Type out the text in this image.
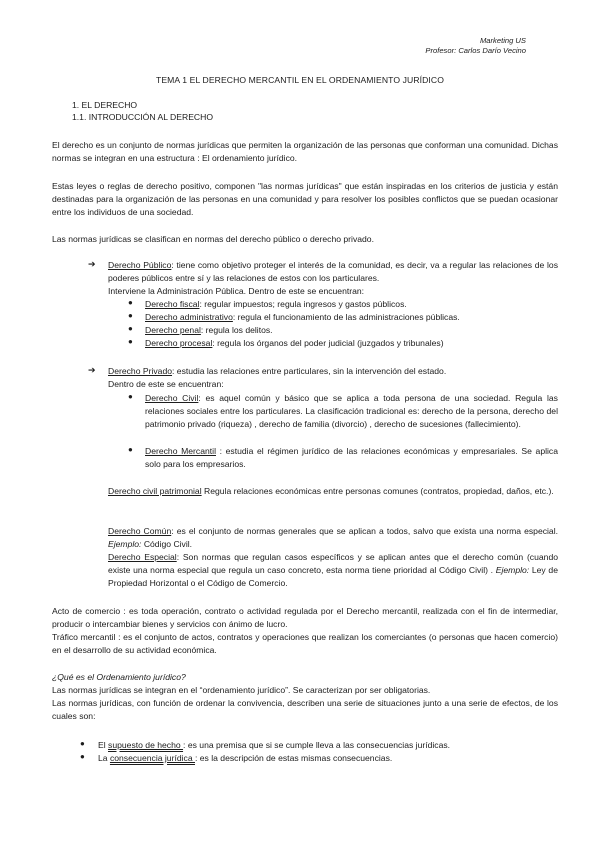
Marketing US
Profesor: Carlos Darío Vecino
TEMA 1 EL DERECHO MERCANTIL EN EL ORDENAMIENTO JURÍDICO
1. EL DERECHO
1.1. INTRODUCCIÓN AL DERECHO
El derecho es un conjunto de normas jurídicas que permiten la organización de las personas que conforman una comunidad. Dichas normas se integran en una estructura : El ordenamiento jurídico.
Estas leyes o reglas de derecho positivo, componen "las normas jurídicas" que están inspiradas en los criterios de justicia y están destinadas para la organización de las personas en una comunidad y para resolver los posibles conflictos que se puedan ocasionar entre los individuos de una sociedad.
Las normas jurídicas se clasifican en normas del derecho público o derecho privado.
➔ Derecho Público: tiene como objetivo proteger el interés de la comunidad, es decir, va a regular las relaciones de los poderes públicos entre sí y las relaciones de estos con los particulares.
Interviene la Administración Pública. Dentro de este se encuentran:
● Derecho fiscal: regular impuestos; regula ingresos y gastos públicos.
● Derecho administrativo: regula el funcionamiento de las administraciones públicas.
● Derecho penal: regula los delitos.
● Derecho procesal: regula los órganos del poder judicial (juzgados y tribunales)
➔ Derecho Privado: estudia las relaciones entre particulares, sin la intervención del estado.
Dentro de este se encuentran:
● Derecho Civil: es aquel común y básico que se aplica a toda persona de una sociedad. Regula las relaciones sociales entre los particulares. La clasificación tradicional es: derecho de la persona, derecho del patrimonio privado (riqueza) , derecho de familia (divorcio) , derecho de sucesiones (fallecimiento).
● Derecho Mercantil : estudia el régimen jurídico de las relaciones económicas y empresariales. Se aplica solo para los empresarios.
Derecho civil patrimonial Regula relaciones económicas entre personas comunes (contratos, propiedad, daños, etc.).
Derecho Común: es el conjunto de normas generales que se aplican a todos, salvo que exista una norma especial. Ejemplo: Código Civil.
Derecho Especial: Son normas que regulan casos específicos y se aplican antes que el derecho común (cuando existe una norma especial que regula un caso concreto, esta norma tiene prioridad al Código Civil) . Ejemplo: Ley de Propiedad Horizontal o el Código de Comercio.
Acto de comercio : es toda operación, contrato o actividad regulada por el Derecho mercantil, realizada con el fin de intermediar, producir o intercambiar bienes y servicios con ánimo de lucro.
Tráfico mercantil : es el conjunto de actos, contratos y operaciones que realizan los comerciantes (o personas que hacen comercio) en el desarrollo de su actividad económica.
¿Qué es el Ordenamiento jurídico?
Las normas jurídicas se integran en el “ordenamiento jurídico”. Se caracterizan por ser obligatorias.
Las normas jurídicas, con función de ordenar la convivencia, describen una serie de situaciones junto a una serie de efectos, de los cuales son:
● El supuesto de hecho : es una premisa que si se cumple lleva a las consecuencias jurídicas.
● La consecuencia jurídica : es la descripción de estas mismas consecuencias.
